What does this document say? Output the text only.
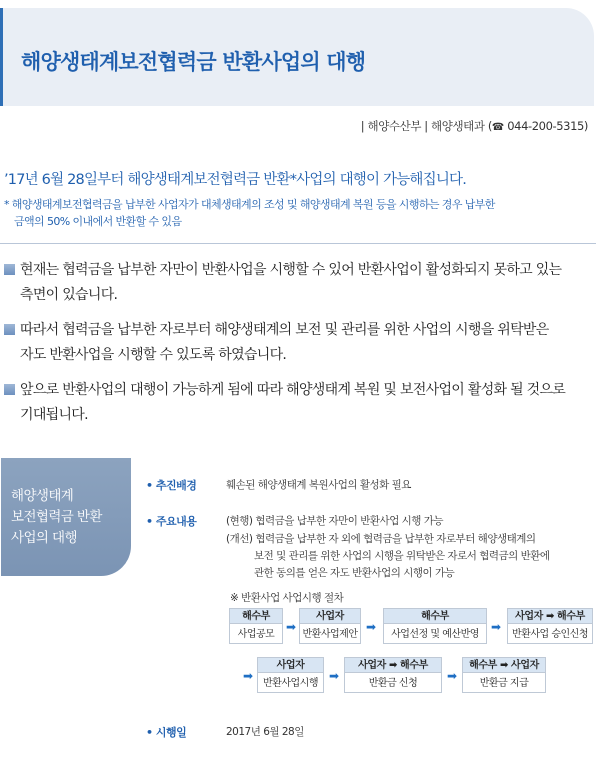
해양생태계보전협력금 반환사업의 대행
| 해양수산부 | 해양생태과 (☎ 044-200-5315)
’17년 6월 28일부터 해양생태계보전협력금 반환*사업의 대행이 가능해집니다.
* 해양생태계보전협력금을 납부한 사업자가 대체생태계의 조성 및 해양생태계 복원 등을 시행하는 경우 납부한
금액의 50% 이내에서 반환할 수 있음
현재는 협력금을 납부한 자만이 반환사업을 시행할 수 있어 반환사업이 활성화되지 못하고 있는
측면이 있습니다.
따라서 협력금을 납부한 자로부터 해양생태계의 보전 및 관리를 위한 사업의 시행을 위탁받은
자도 반환사업을 시행할 수 있도록 하였습니다.
앞으로 반환사업의 대행이 가능하게 됨에 따라 해양생태계 복원 및 보전사업이 활성화 될 것으로
기대됩니다.
해양생태계
보전협력금 반환
사업의 대행
• 추진배경	훼손된 해양생태계 복원사업의 활성화 필요
• 주요내용	(현행) 협력금을 납부한 자만이 반환사업 시행 가능
(개선) 협력금을 납부한 자 외에 협력금을 납부한 자로부터 해양생태계의
보전 및 관리를 위한 사업의 시행을 위탁받은 자로서 협력금의 반환에
관한 동의를 얻은 자도 반환사업의 시행이 가능
※ 반환사업 사업시행 절차
해수부
사업공모
➡
사업자
반환사업제안
➡
해수부
사업선정 및 예산반영
➡
사업자 ➡ 해수부
반환사업 승인신청
➡
사업자
반환사업시행
➡
사업자 ➡ 해수부
반환금 신청
➡
해수부 ➡ 사업자
반환금 지급
• 시행일	2017년 6월 28일
